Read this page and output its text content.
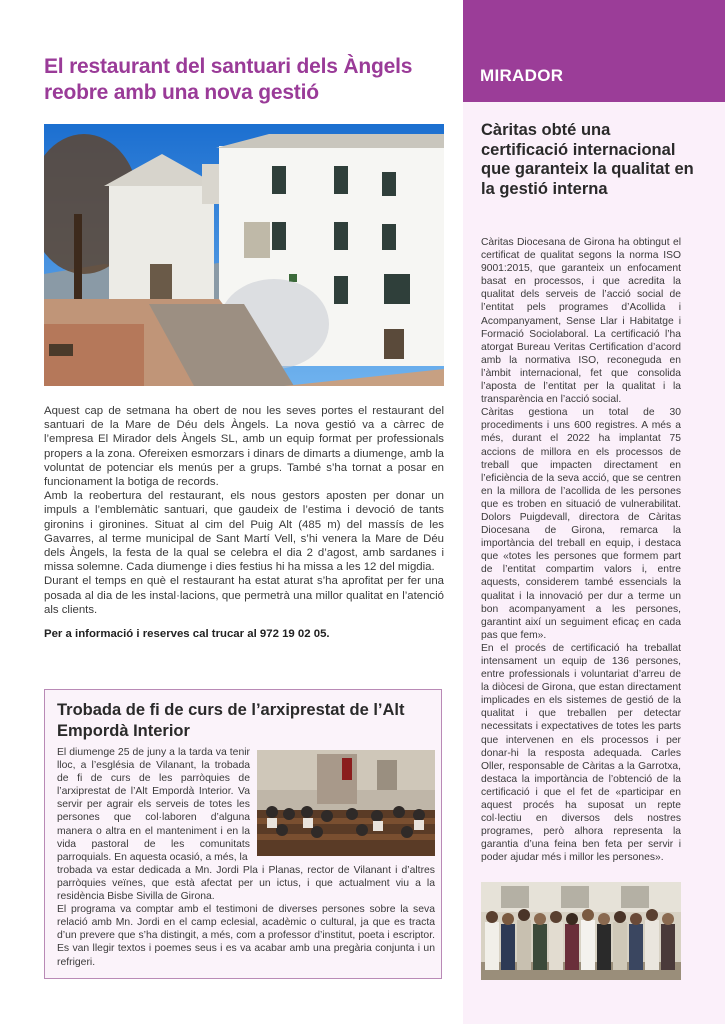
MIRADOR
El restaurant del santuari dels Àngels reobre amb una nova gestió

Aquest cap de setmana ha obert de nou les seves portes el restaurant del santuari de la Mare de Déu dels Àngels. La nova gestió va a càrrec de l’empresa El Mirador dels Àngels SL, amb un equip format per professionals propers a la zona. Ofereixen esmorzars i dinars de dimarts a diumenge, amb la voluntat de potenciar els menús per a grups. També s’ha tornat a posar en funcionament la botiga de records.

Amb la reobertura del restaurant, els nous gestors aposten per donar un impuls a l’emblemàtic santuari, que gaudeix de l’estima i devoció de tants gironins i gironines. Situat al cim del Puig Alt (485 m) del massís de les Gavarres, al terme municipal de Sant Martí Vell, s’hi venera la Mare de Déu dels Àngels, la festa de la qual se celebra el dia 2 d’agost, amb sardanes i missa solemne. Cada diumenge i dies festius hi ha missa a les 12 del migdia.

Durant el temps en què el restaurant ha estat aturat s’ha aprofitat per fer una posada al dia de les instal·lacions, que permetrà una millor qualitat en l’atenció als clients.

Per a informació i reserves cal trucar al 972 19 02 05.

Trobada de fi de curs de l’arxiprestat de l’Alt Empordà Interior

El diumenge 25 de juny a la tarda va tenir lloc, a l’església de Vilanant, la trobada de fi de curs de les parròquies de l’arxiprestat de l’Alt Empordà Interior. Va servir per agrair els serveis de totes les persones que col·laboren d’alguna manera o altra en el manteniment i en la vida pastoral de les comunitats parroquials. En aquesta ocasió, a més, la

trobada va estar dedicada a Mn. Jordi Pla i Planas, rector de Vilanant i d’altres parròquies veïnes, que està afectat per un ictus, i que actualment viu a la residència Bisbe Sivilla de Girona.

El programa va comptar amb el testimoni de diverses persones sobre la seva relació amb Mn. Jordi en el camp eclesial, acadèmic o cultural, ja que es tracta d’un prevere que s’ha distingit, a més, com a professor d’institut, poeta i escriptor. Es van llegir textos i poemes seus i es va acabar amb una pregària conjunta i un refrigeri.

Càritas obté una certificació internacional que garanteix la qualitat en la gestió interna

Càritas Diocesana de Girona ha obtingut el certificat de qualitat segons la norma ISO 9001:2015, que garanteix un enfocament basat en processos, i que acredita la qualitat dels serveis de l’acció social de l’entitat pels programes d’Acollida i Acompanyament, Sense Llar i Habitatge i Formació Sociolaboral. La certificació l’ha atorgat Bureau Veritas Certification d’acord amb la normativa ISO, reconeguda en l’àmbit internacional, fet que consolida l’aposta de l’entitat per la qualitat i la transparència en l’acció social.

Càritas gestiona un total de 30 procediments i uns 600 registres. A més a més, durant el 2022 ha implantat 75 accions de millora en els processos de treball que impacten directament en l’eficiència de la seva acció, que se centren en la millora de l’acollida de les persones que es troben en situació de vulnerabilitat. Dolors Puigdevall, directora de Càritas Diocesana de Girona, remarca la importància del treball en equip, i destaca que «totes les persones que formem part de l’entitat compartim valors i, entre aquests, considerem també essencials la qualitat i la innovació per dur a terme un bon acompanyament a les persones, garantint així un seguiment eficaç en cada pas que fem».

En el procés de certificació ha treballat intensament un equip de 136 persones, entre professionals i voluntariat d’arreu de la diòcesi de Girona, que estan directament implicades en els sistemes de gestió de la qualitat i que treballen per detectar necessitats i expectatives de totes les parts que intervenen en els processos i per donar-hi la resposta adequada. Carles Oller, responsable de Càritas a la Garrotxa, destaca la importància de l’obtenció de la certificació i que el fet de «participar en aquest procés ha suposat un repte col·lectiu en diversos dels nostres programes, però alhora representa la garantia d’una feina ben feta per servir i poder ajudar més i millor les persones».
